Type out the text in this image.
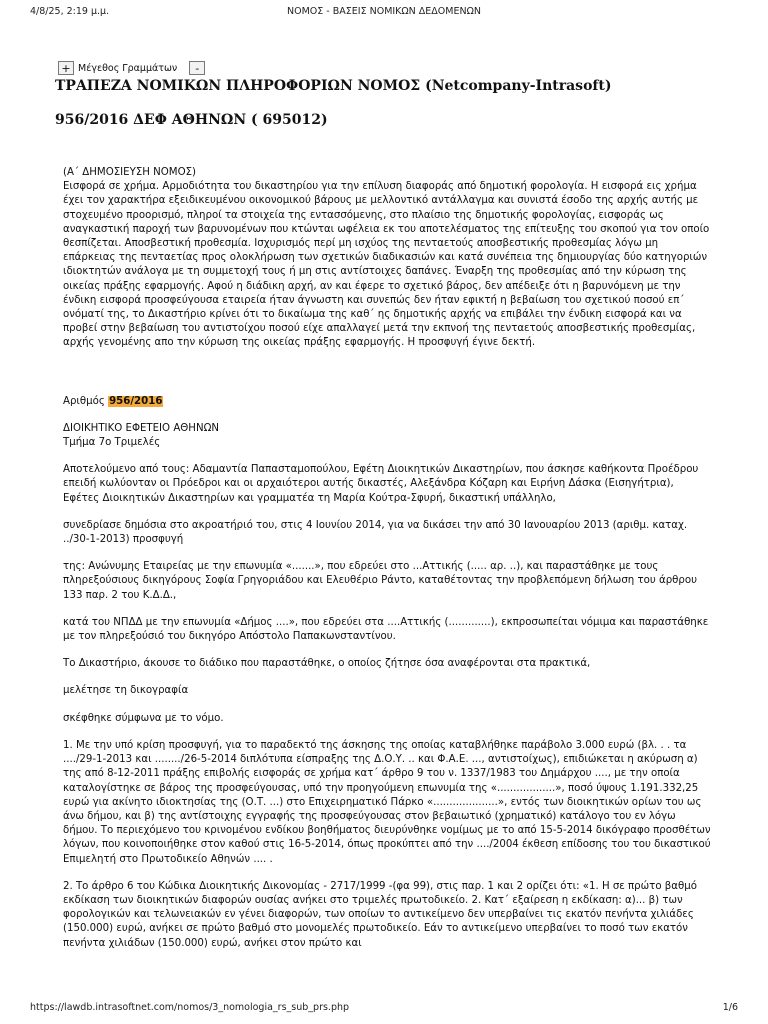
4/8/25, 2:19 μ.μ.	ΝΟΜΟΣ - ΒΑΣΕΙΣ ΝΟΜΙΚΩΝ ΔΕΔΟΜΕΝΩΝ
+ Μέγεθος Γραμμάτων	-
ΤΡΑΠΕΖΑ ΝΟΜΙΚΩΝ ΠΛΗΡΟΦΟΡΙΩΝ ΝΟΜΟΣ (Netcompany-Intrasoft)
956/2016 ΔΕΦ ΑΘΗΝΩΝ ( 695012)

(Α΄ ΔΗΜΟΣΙΕΥΣΗ ΝΟΜΟΣ)

Εισφορά σε χρήμα. Αρμοδιότητα του δικαστηρίου για την επίλυση διαφοράς από δημοτική φορολογία. Η εισφορά εις χρήμα έχει τον χαρακτήρα εξειδικευμένου οικονομικού βάρους με μελλοντικό αντάλλαγμα και συνιστά έσοδο της αρχής αυτής με στοχευμένο προορισμό, πληροί τα στοιχεία της εντασσόμενης, στο πλαίσιο της δημοτικής φορολογίας, εισφοράς ως αναγκαστική παροχή των βαρυνομένων που κτώνται ωφέλεια εκ του αποτελέσματος της επίτευξης του σκοπού για τον οποίο θεσπίζεται. Αποσβεστική προθεσμία. Ισχυρισμός περί μη ισχύος της πενταετούς αποσβεστικής προθεσμίας λόγω μη επάρκειας της πενταετίας προς ολοκλήρωση των σχετικών διαδικασιών και κατά συνέπεια της δημιουργίας δύο κατηγοριών ιδιοκτητών ανάλογα με τη συμμετοχή τους ή μη στις αντίστοιχες δαπάνες. Έναρξη της προθεσμίας από την κύρωση της οικείας πράξης εφαρμογής. Αφού η διάδικη αρχή, αν και έφερε το σχετικό βάρος, δεν απέδειξε ότι η βαρυνόμενη με την ένδικη εισφορά προσφεύγουσα εταιρεία ήταν άγνωστη και συνεπώς δεν ήταν εφικτή η βεβαίωση του σχετικού ποσού επ΄ ονόματί της, το Δικαστήριο κρίνει ότι το δικαίωμα της καθ΄ ης δημοτικής αρχής να επιβάλει την ένδικη εισφορά και να προβεί στην βεβαίωση του αντιστοίχου ποσού είχε απαλλαγεί μετά την εκπνοή της πενταετούς αποσβεστικής προθεσμίας, αρχής γενομένης απο την κύρωση της οικείας πράξης εφαρμογής. Η προσφυγή έγινε δεκτή.

Αριθμός 956/2016

ΔΙΟΙΚΗΤΙΚΟ ΕΦΕΤΕΙΟ ΑΘΗΝΩΝ

Τμήμα 7ο Τριμελές

Αποτελούμενο από τους: Αδαμαντία Παπασταμοπούλου, Εφέτη Διοικητικών Δικαστηρίων, που άσκησε καθήκοντα Προέδρου επειδή κωλύονταν οι Πρόεδροι και οι αρχαιότεροι αυτής δικαστές, Αλεξάνδρα Κόζαρη και Ειρήνη Δάσκα (Εισηγήτρια), Εφέτες Διοικητικών Δικαστηρίων και γραμματέα τη Μαρία Κούτρα-Σφυρή, δικαστική υπάλληλο,

συνεδρίασε δημόσια στο ακροατήριό του, στις 4 Ιουνίου 2014, για να δικάσει την από 30 Ιανουαρίου 2013 (αριθμ. καταχ. ../30-1-2013) προσφυγή

της: Ανώνυμης Εταιρείας με την επωνυμία «.......», που εδρεύει στο ...Αττικής (..... αρ. ..), και παραστάθηκε με τους πληρεξούσιους δικηγόρους Σοφία Γρηγοριάδου και Ελευθέριο Ράντο, καταθέτοντας την προβλεπόμενη δήλωση του άρθρου 133 παρ. 2 του Κ.Δ.Δ.,

κατά του ΝΠΔΔ με την επωνυμία «Δήμος ....», που εδρεύει στα ....Αττικής (.............), εκπροσωπείται νόμιμα και παραστάθηκε με τον πληρεξούσιό του δικηγόρο Απόστολο Παπακωνσταντίνου.

Το Δικαστήριο, άκουσε το διάδικο που παραστάθηκε, ο οποίος ζήτησε όσα αναφέρονται στα πρακτικά,

μελέτησε τη δικογραφία

σκέφθηκε σύμφωνα με το νόμο.

1. Με την υπό κρίση προσφυγή, για το παραδεκτό της άσκησης της οποίας καταβλήθηκε παράβολο 3.000 ευρώ (βλ. . . τα ..../29-1-2013 και ......../26-5-2014 διπλότυπα είσπραξης της Δ.Ο.Υ. .. και Φ.Α.Ε. ..., αντιστοίχως), επιδιώκεται η ακύρωση α) της από 8-12-2011 πράξης επιβολής εισφοράς σε χρήμα κατ΄ άρθρο 9 του ν. 1337/1983 του Δημάρχου ...., με την οποία καταλογίστηκε σε βάρος της προσφεύγουσας, υπό την προηγούμενη επωνυμία της «..................», ποσό ύψους 1.191.332,25 ευρώ για ακίνητο ιδιοκτησίας της (Ο.Τ. ...) στο Επιχειρηματικό Πάρκο «....................», εντός των διοικητικών ορίων του ως άνω δήμου, και β) της αντίστοιχης εγγραφής της προσφεύγουσας στον βεβαιωτικό (χρηματικό) κατάλογο του εν λόγω δήμου. Το περιεχόμενο του κρινομένου ενδίκου βοηθήματος διευρύνθηκε νομίμως με το από 15-5-2014 δικόγραφο προσθέτων λόγων, που κοινοποιήθηκε στον καθού στις 16-5-2014, όπως προκύπτει από την ..../2004 έκθεση επίδοσης του του δικαστικού Επιμελητή στο Πρωτοδικείο Αθηνών .... .

2. Το άρθρο 6 του Κώδικα Διοικητικής Δικονομίας - 2717/1999 -(φα 99), στις παρ. 1 και 2 ορίζει ότι: «1. Η σε πρώτο βαθμό εκδίκαση των διοικητικών διαφορών ουσίας ανήκει στο τριμελές πρωτοδικείο. 2. Κατ΄ εξαίρεση η εκδίκαση: α)... β) των φορολογικών και τελωνειακών εν γένει διαφορών, των οποίων το αντικείμενο δεν υπερβαίνει τις εκατόν πενήντα χιλιάδες (150.000) ευρώ, ανήκει σε πρώτο βαθμό στο μονομελές πρωτοδικείο. Εάν το αντικείμενο υπερβαίνει το ποσό των εκατόν πενήντα χιλιάδων (150.000) ευρώ, ανήκει στον πρώτο και

https://lawdb.intrasoftnet.com/nomos/3_nomologia_rs_sub_prs.php	1/6
